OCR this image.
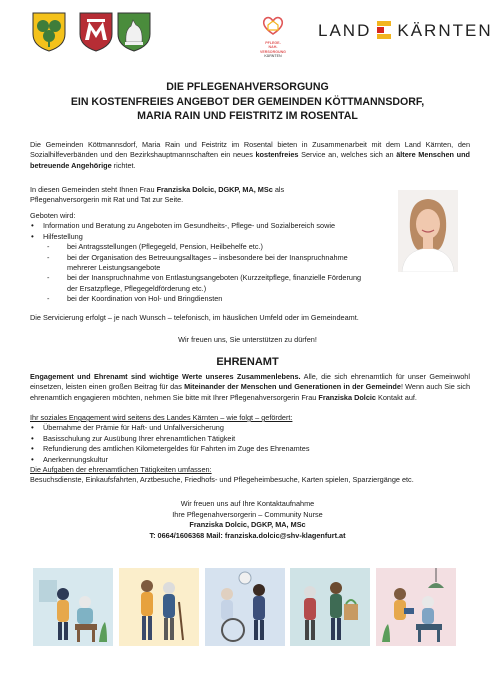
PFLEGE-
NAH-
VERSORGUNG
KÄRNTEN
LAND KÄRNTEN
DIE PFLEGENAHVERSORGUNG
EIN KOSTENFREIES ANGEBOT DER GEMEINDEN KÖTTMANNSDORF,
MARIA RAIN UND FEISTRITZ IM ROSENTAL
Die Gemeinden Köttmannsdorf, Maria Rain und Feistritz im Rosental bieten in Zusammenarbeit mit dem Land Kärnten, den Sozialhilfeverbänden und den Bezirkshauptmannschaften ein neues kostenfreies Service an, welches sich an ältere Menschen und betreuende Angehörige richtet.
In diesen Gemeinden steht Ihnen Frau Franziska Dolcic, DGKP, MA, MSc als
Pflegenahversorgerin mit Rat und Tat zur Seite.
Geboten wird:
• Information und Beratung zu Angeboten im Gesundheits-, Pflege- und Sozialbereich sowie
• Hilfestellung
- bei Antragsstellungen (Pflegegeld, Pension, Heilbehelfe etc.)
- bei der Organisation des Betreuungsalltages – insbesondere bei der Inanspruchnahme mehrerer Leistungsangebote
- bei der Inanspruchnahme von Entlastungsangeboten (Kurzzeitpflege, finanzielle Förderung der Ersatzpflege, Pflegegeldförderung etc.)
- bei der Koordination von Hol- und Bringdiensten
Die Servicierung erfolgt – je nach Wunsch – telefonisch, im häuslichen Umfeld oder im Gemeindeamt.
Wir freuen uns, Sie unterstützen zu dürfen!
EHRENAMT
Engagement und Ehrenamt sind wichtige Werte unseres Zusammenlebens. Alle, die sich ehrenamtlich für unser Gemeinwohl einsetzen, leisten einen großen Beitrag für das Miteinander der Menschen und Generationen in der Gemeinde! Wenn auch Sie sich ehrenamtlich engagieren möchten, nehmen Sie bitte mit Ihrer Pflegenahversorgerin Frau Franziska Dolcic Kontakt auf.
Ihr soziales Engagement wird seitens des Landes Kärnten – wie folgt – gefördert:
• Übernahme der Prämie für Haft- und Unfallversicherung
• Basisschulung zur Ausübung Ihrer ehrenamtlichen Tätigkeit
• Refundierung des amtlichen Kilometergeldes für Fahrten im Zuge des Ehrenamtes
• Anerkennungskultur
Die Aufgaben der ehrenamtlichen Tätigkeiten umfassen:
Besuchsdienste, Einkaufsfahrten, Arztbesuche, Friedhofs- und Pflegeheimbesuche, Karten spielen, Sparziergänge etc.
Wir freuen uns auf Ihre Kontaktaufnahme
Ihre Pflegenahversorgerin – Community Nurse
Franziska Dolcic, DGKP, MA, MSc
T: 0664/1606368 Mail: franziska.dolcic@shv-klagenfurt.at
